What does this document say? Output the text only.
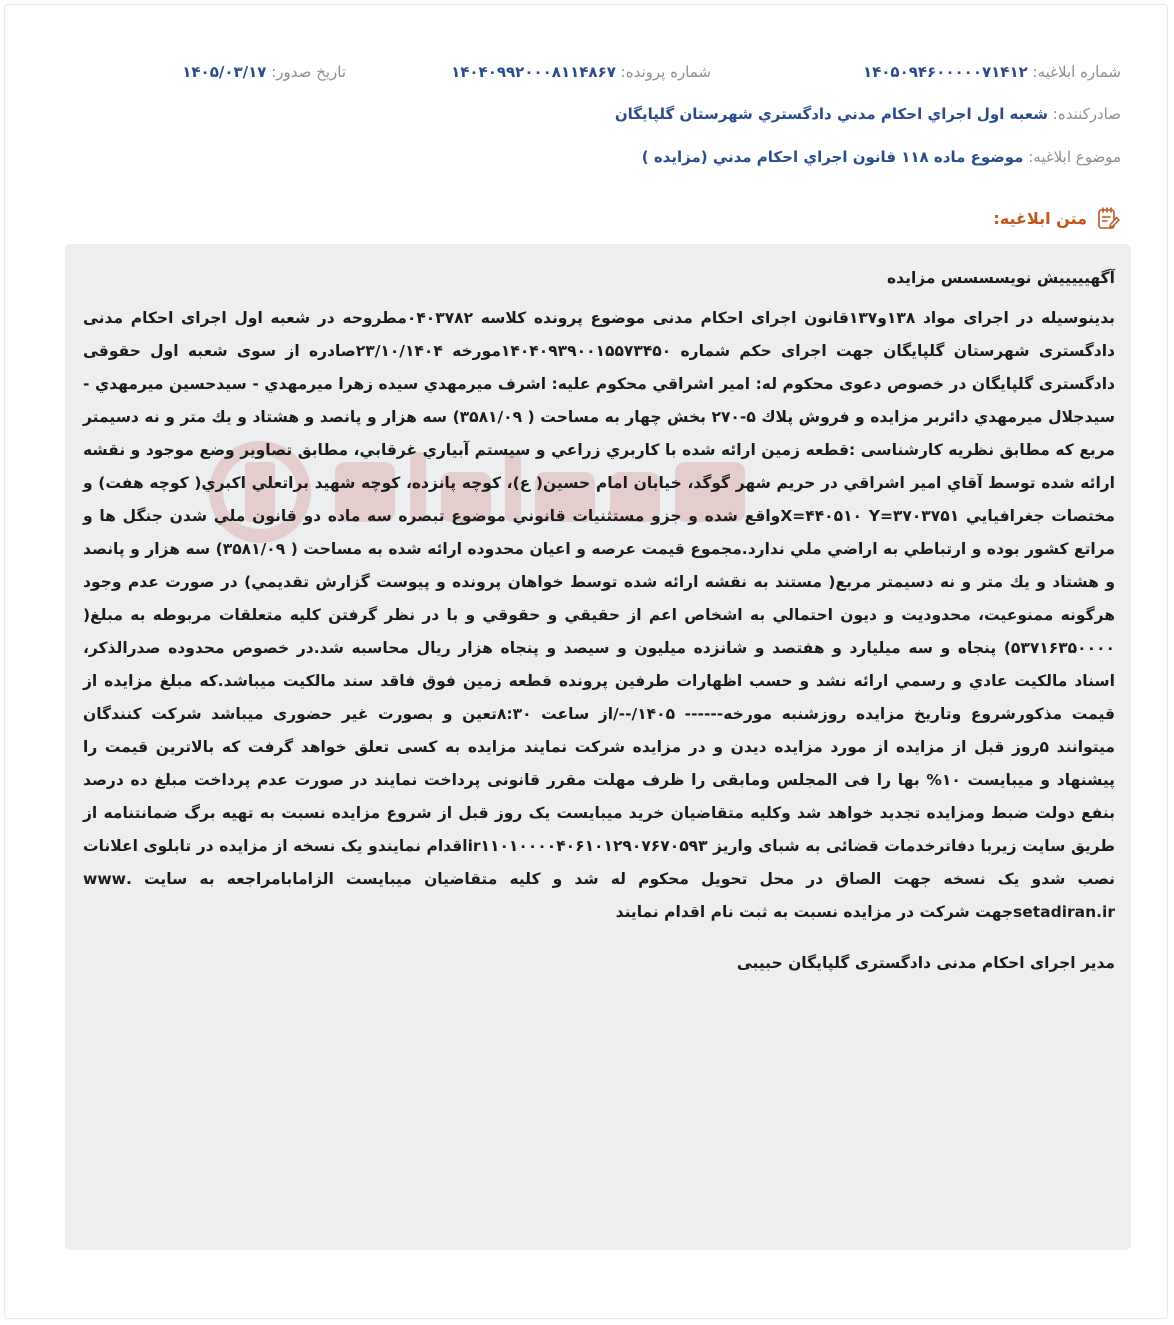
شماره ابلاغیه: ۱۴۰۵۰۹۴۶۰۰۰۰۰۷۱۴۱۲
شماره پرونده: ۱۴۰۴۰۹۹۲۰۰۰۸۱۱۴۸۶۷
تاریخ صدور: ۱۴۰۵/۰۳/۱۷
صادرکننده: شعبه اول اجراي احكام مدني دادگستري شهرستان گلپايگان
موضوع ابلاغیه: موضوع ماده ۱۱۸ قانون اجراي احكام مدني (مزايده )
متن ابلاغیه:
آگهیییییش نویسسسس مزایده
بدینوسیله در اجرای مواد ۱۳۸و۱۳۷قانون اجرای احکام مدنی موضوع پرونده کلاسه ۰۴۰۳۷۸۲مطروحه در شعبه اول اجرای احکام مدنی دادگستری شهرستان گلپایگان جهت اجرای حکم شماره ۱۴۰۴۰۹۳۹۰۰۱۵۵۷۳۴۵۰مورخه ۲۳/۱۰/۱۴۰۴صادره از سوی شعبه اول حقوقی دادگستری گلپایگان در خصوص دعوی محکوم له: امير اشراقي محكوم عليه: اشرف ميرمهدي سيده زهرا ميرمهدي - سيدحسين ميرمهدي - سيدجلال ميرمهدي دائربر مزايده و فروش پلاك ۵-۲۷۰ بخش چهار به مساحت ( ۳۵۸۱/۰۹) سه هزار و پانصد و هشتاد و يك متر و نه دسيمتر مربع كه مطابق نظريه كارشناسی :قطعه زمين ارائه شده با كاربري زراعي و سيستم آبياري غرقابي، مطابق تصاوير وضع موجود و نقشه ارائه شده توسط آقاي امير اشراقي در حريم شهر گوگد، خيابان امام حسين( ع)، كوچه پانزده، كوچه شهيد براتعلي اكبري( كوچه هفت) و مختصات جغرافيايي X=۴۴۰۵۱۰ Y=۳۷۰۳۷۵۱واقع شده و جزو مستثنيات قانوني موضوع تبصره سه ماده دو قانون ملي شدن جنگل ها و مراتع كشور بوده و ارتباطي به اراضي ملي ندارد.مجموع قيمت عرصه و اعيان محدوده ارائه شده به مساحت ( ۳۵۸۱/۰۹) سه هزار و پانصد و هشتاد و يك متر و نه دسيمتر مربع( مستند به نقشه ارائه شده توسط خواهان پرونده و پيوست گزارش تقديمي) در صورت عدم وجود هرگونه ممنوعيت، محدوديت و ديون احتمالي به اشخاص اعم از حقيقي و حقوقي و با در نظر گرفتن كليه متعلقات مربوطه به مبلغ( ۵۳۷۱۶۳۵۰۰۰۰) پنجاه و سه ميليارد و هفتصد و شانزده ميليون و سيصد و پنجاه هزار ريال محاسبه شد.در خصوص محدوده صدرالذکر، اسناد مالکیت عادي و رسمي ارائه نشد و حسب اظهارات طرفين پرونده قطعه زمين فوق فاقد سند مالكيت ميباشد.که مبلغ مزایده از قیمت مذکورشروع وتاریخ مزایده روزشنبه مورخه------ ۱۴۰۵/--/از ساعت ۸:۳۰تعین و بصورت غیر حضوری میباشد شرکت کنندگان میتوانند ۵روز قبل از مزایده از مورد مزایده دیدن و در مزایده شرکت نمایند مزایده به کسی تعلق خواهد گرفت که بالاترین قیمت را پیشنهاد و میبایست ۱۰% بها را فی المجلس ومابقی را ظرف مهلت مقرر قانونی پرداخت نمایند در صورت عدم پرداخت مبلغ ده درصد بنفع دولت ضبط ومزایده تجدید خواهد شد وکلیه متقاضیان خرید میبایست یک روز قبل از شروع مزایده نسبت به تهیه برگ ضمانتنامه از طریق سایت زیربا دفاترخدمات قضائی به شبای واریز ir۱۱۰۱۰۰۰۰۴۰۶۱۰۱۲۹۰۷۶۷۰۵۹۳اقدام نمایندو یک نسخه از مزایده در تابلوی اعلانات نصب شدو یک نسخه جهت الصاق در محل تحویل محکوم له شد و کلیه متقاضیان میبایست الزامابامراجعه به سایت .www setadiran.irجهت شرکت در مزایده نسبت به ثبت نام اقدام نمایند
مدیر اجرای احکام مدنی دادگستری گلپایگان حبیبی
